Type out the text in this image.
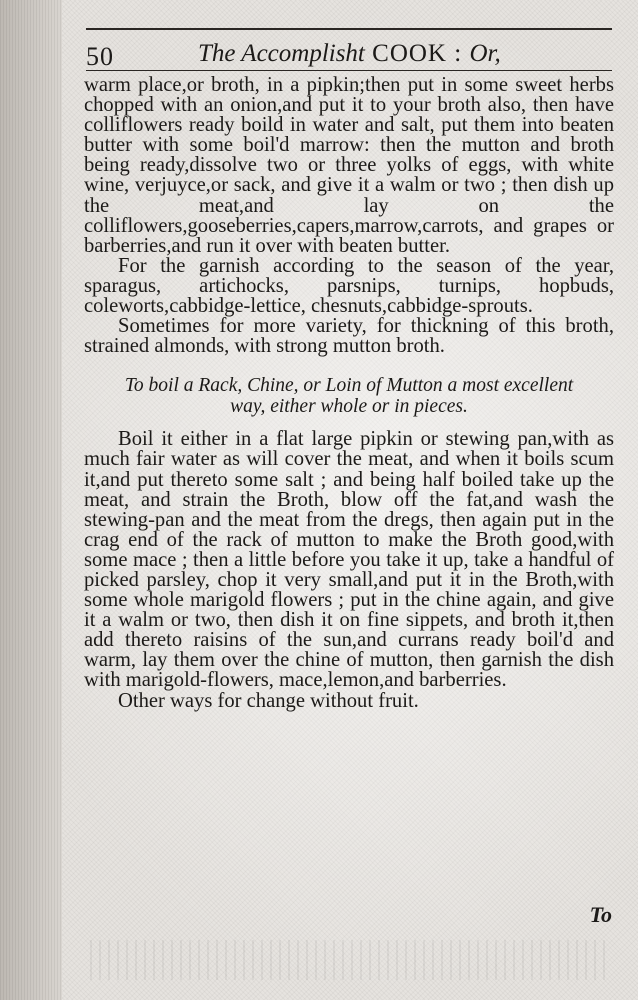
50	The Accomplisht COOK : Or,

warm place,or broth, in a pipkin;then put in some sweet herbs chopped with an onion,and put it to your broth also, then have colliflowers ready boild in water and salt, put them into beaten butter with some boil'd marrow: then the mutton and broth being ready,dissolve two or three yolks of eggs, with white wine, verjuyce,or sack, and give it a walm or two ; then dish up the meat,and lay on the colliflowers,gooseberries,capers,marrow,carrots, and grapes or barberries,and run it over with beaten butter.

For the garnish according to the season of the year, sparagus, artichocks, parsnips, turnips, hopbuds, coleworts,cabbidge-lettice, chesnuts,cabbidge-sprouts.

Sometimes for more variety, for thickning of this broth, strained almonds, with strong mutton broth.

To boil a Rack, Chine, or Loin of Mutton a most excellent
way, either whole or in pieces.

Boil it either in a flat large pipkin or stewing pan,with as much fair water as will cover the meat, and when it boils scum it,and put thereto some salt ; and being half boiled take up the meat, and strain the Broth, blow off the fat,and wash the stewing-pan and the meat from the dregs, then again put in the crag end of the rack of mutton to make the Broth good,with some mace ; then a little before you take it up, take a handful of picked parsley, chop it very small,and put it in the Broth,with some whole marigold flowers ; put in the chine again, and give it a walm or two, then dish it on fine sippets, and broth it,then add thereto raisins of the sun,and currans ready boil'd and warm, lay them over the chine of mutton, then garnish the dish with marigold-flowers, mace,lemon,and barberries.

Other ways for change without fruit.

To
